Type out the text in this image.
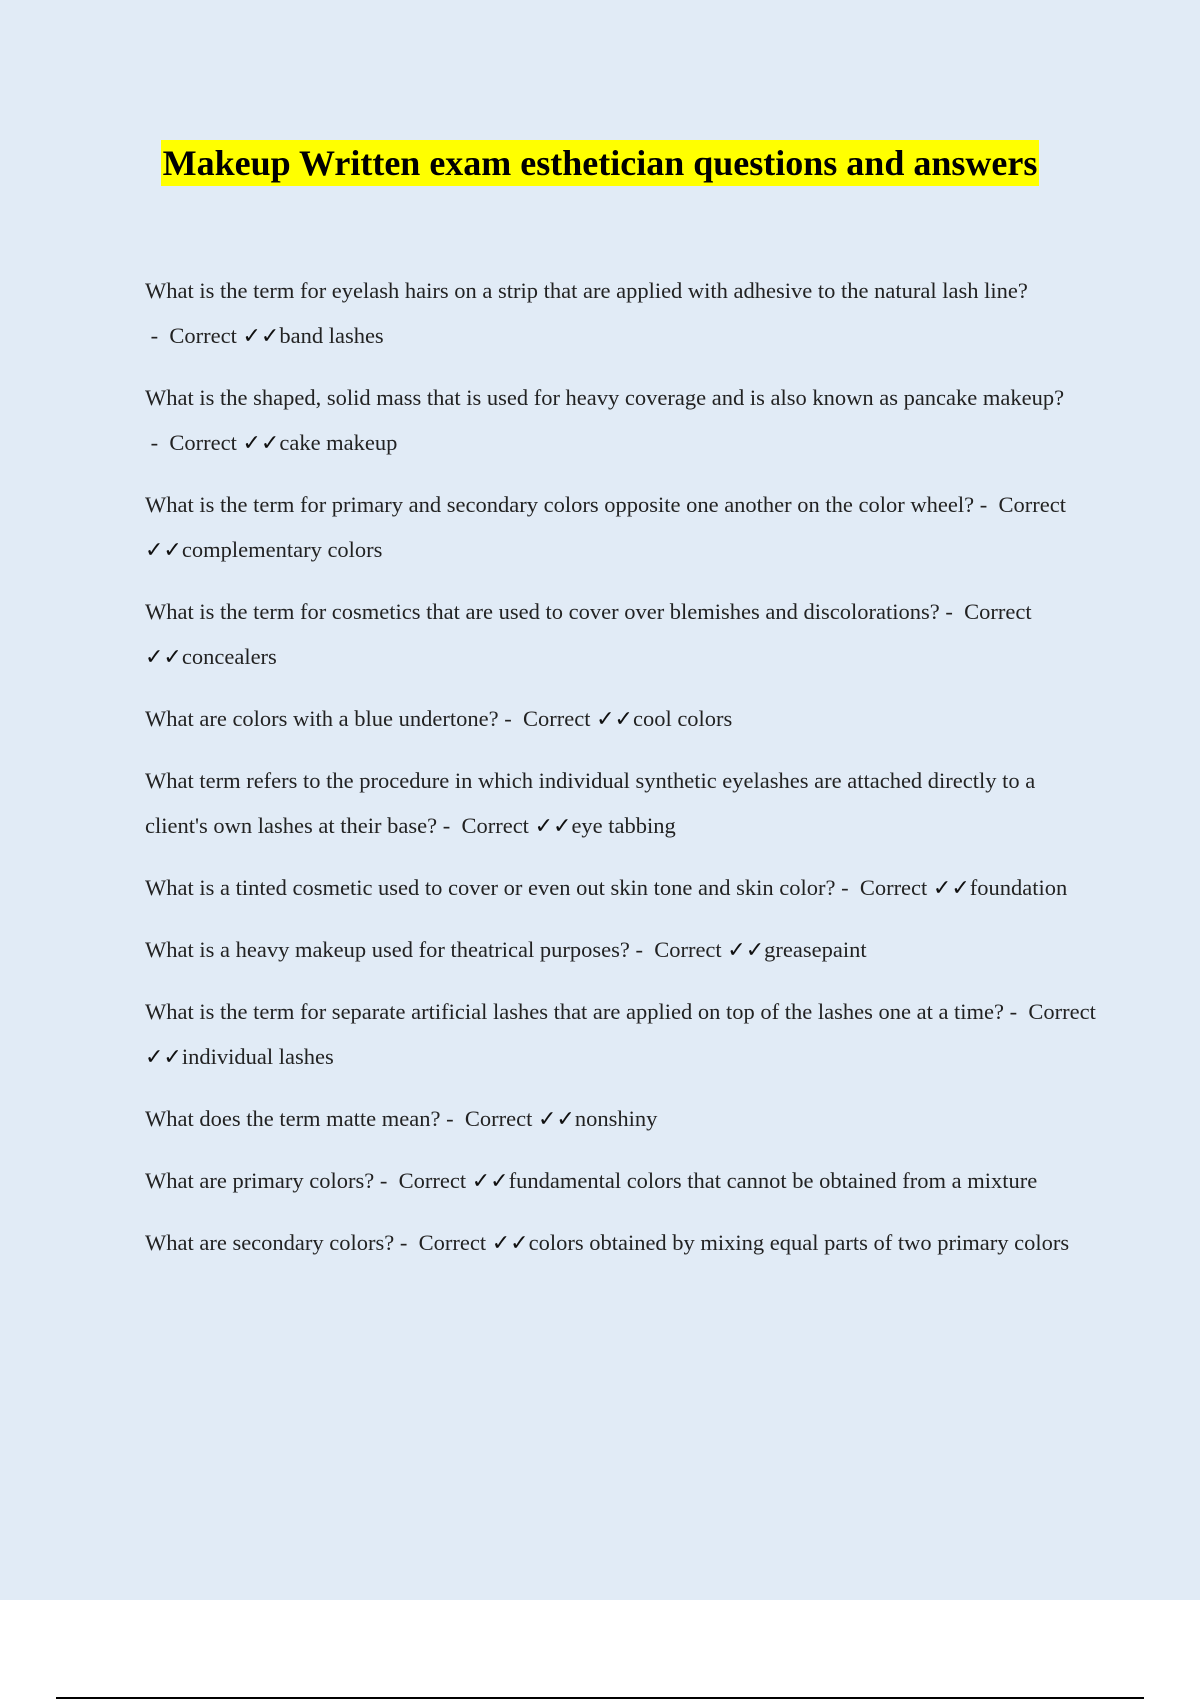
Makeup Written exam esthetician questions and answers

What is the term for eyelash hairs on a strip that are applied with adhesive to the natural lash line? -  Correct ✓✓band lashes

What is the shaped, solid mass that is used for heavy coverage and is also known as pancake makeup? -  Correct ✓✓cake makeup

What is the term for primary and secondary colors opposite one another on the color wheel? -  Correct ✓✓complementary colors

What is the term for cosmetics that are used to cover over blemishes and discolorations? -  Correct ✓✓concealers

What are colors with a blue undertone? -  Correct ✓✓cool colors

What term refers to the procedure in which individual synthetic eyelashes are attached directly to a client's own lashes at their base? -  Correct ✓✓eye tabbing

What is a tinted cosmetic used to cover or even out skin tone and skin color? -  Correct ✓✓foundation

What is a heavy makeup used for theatrical purposes? -  Correct ✓✓greasepaint

What is the term for separate artificial lashes that are applied on top of the lashes one at a time? -  Correct ✓✓individual lashes

What does the term matte mean? -  Correct ✓✓nonshiny

What are primary colors? -  Correct ✓✓fundamental colors that cannot be obtained from a mixture

What are secondary colors? -  Correct ✓✓colors obtained by mixing equal parts of two primary colors
